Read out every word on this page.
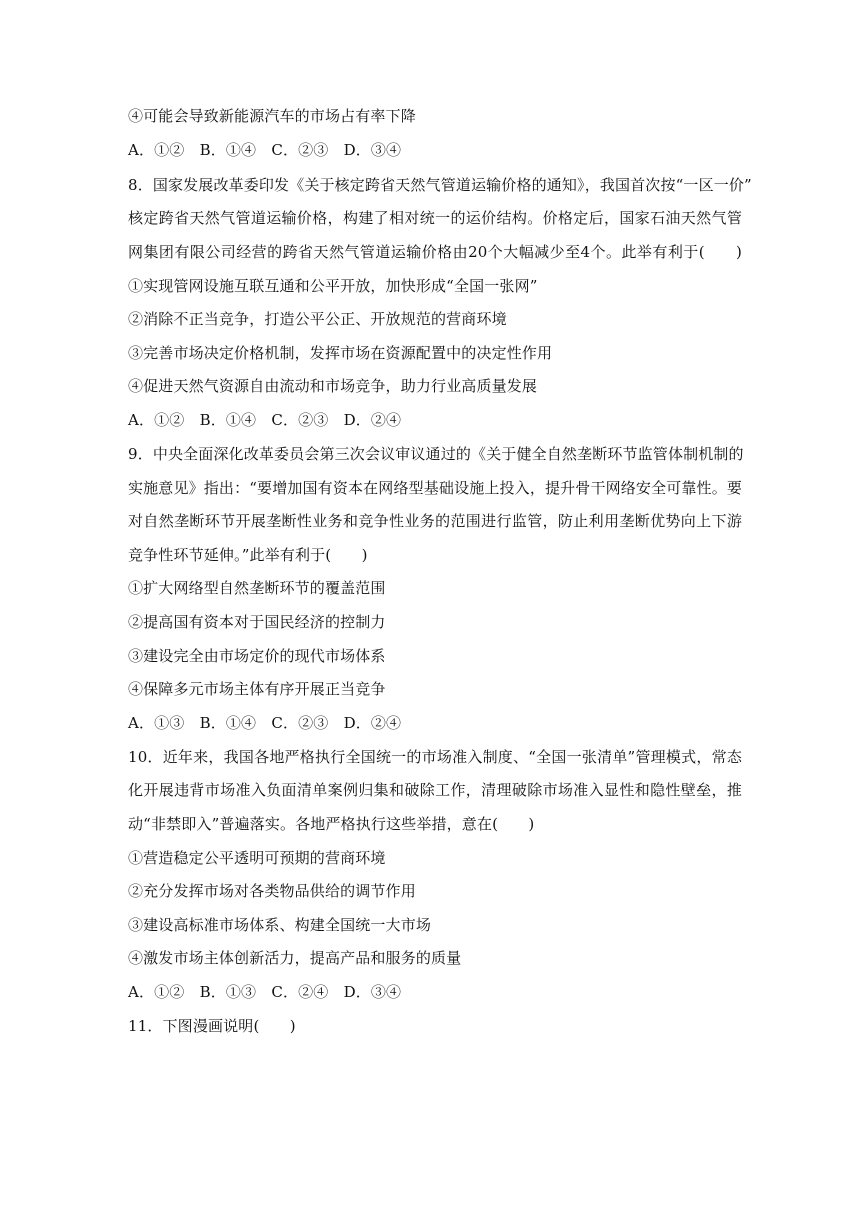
④可能会导致新能源汽车的市场占有率下降
A．①②　B．①④　C．②③　D．③④
8．国家发展改革委印发《关于核定跨省天然气管道运输价格的通知》，我国首次按“一区一价”
核定跨省天然气管道运输价格，构建了相对统一的运价结构。价格定后，国家石油天然气管
网集团有限公司经营的跨省天然气管道运输价格由20个大幅减少至4个。此举有利于(　　)
①实现管网设施互联互通和公平开放，加快形成“全国一张网”
②消除不正当竞争，打造公平公正、开放规范的营商环境
③完善市场决定价格机制，发挥市场在资源配置中的决定性作用
④促进天然气资源自由流动和市场竞争，助力行业高质量发展
A．①②　B．①④　C．②③　D．②④
9．中央全面深化改革委员会第三次会议审议通过的《关于健全自然垄断环节监管体制机制的
实施意见》指出：“要增加国有资本在网络型基础设施上投入，提升骨干网络安全可靠性。要
对自然垄断环节开展垄断性业务和竞争性业务的范围进行监管，防止利用垄断优势向上下游
竞争性环节延伸。”此举有利于(　　)
①扩大网络型自然垄断环节的覆盖范围
②提高国有资本对于国民经济的控制力
③建设完全由市场定价的现代市场体系
④保障多元市场主体有序开展正当竞争
A．①③　B．①④　C．②③　D．②④
10．近年来，我国各地严格执行全国统一的市场准入制度、“全国一张清单”管理模式，常态
化开展违背市场准入负面清单案例归集和破除工作，清理破除市场准入显性和隐性壁垒，推
动“非禁即入”普遍落实。各地严格执行这些举措，意在(　　)
①营造稳定公平透明可预期的营商环境
②充分发挥市场对各类物品供给的调节作用
③建设高标准市场体系、构建全国统一大市场
④激发市场主体创新活力，提高产品和服务的质量
A．①②　B．①③　C．②④　D．③④
11．下图漫画说明(　　)
